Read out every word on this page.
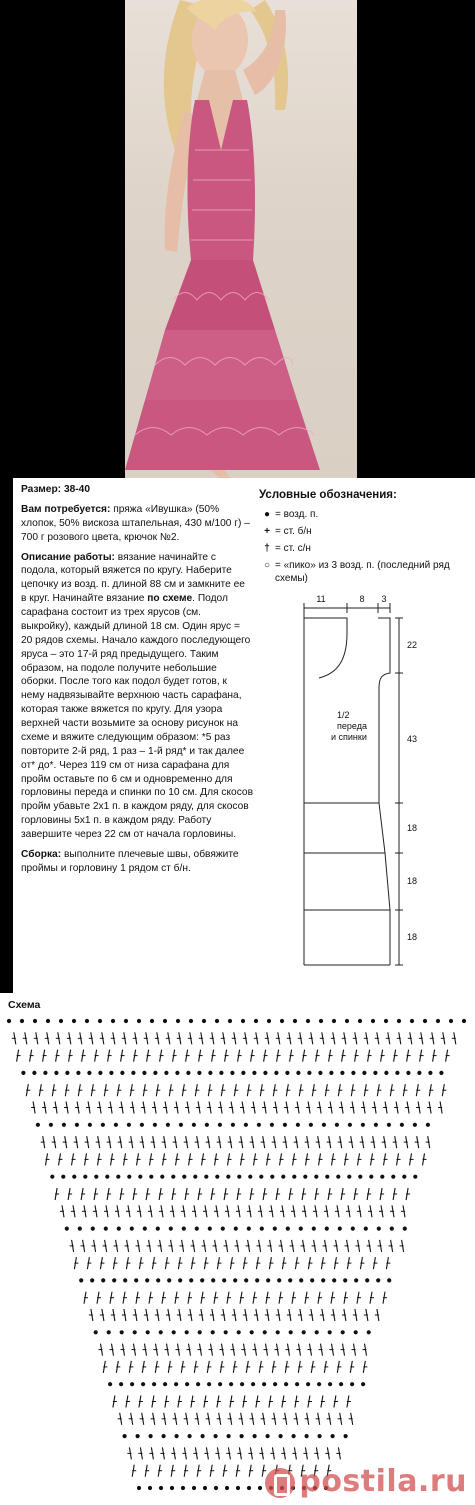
Размер: 38-40

Вам потребуется: пряжа «Ивушка» (50% хлопок, 50% вискоза штапельная, 430 м/100 г) – 700 г розового цвета, крючок №2.

Описание работы: вязание начинайте с подола, который вяжется по кругу. Наберите цепочку из возд. п. длиной 88 см и замкните ее в круг. Начинайте вязание по схеме. Подол сарафана состоит из трех ярусов (см. выкройку), каждый длиной 18 см. Один ярус = 20 рядов схемы. Начало каждого последующего яруса – это 17-й ряд предыдущего. Таким образом, на подоле получите небольшие оборки. После того как подол будет готов, к нему надвязывайте верхнюю часть сарафана, которая также вяжется по кругу. Для узора верхней части возьмите за основу рисунок на схеме и вяжите следующим образом: *5 раз повторите 2-й ряд, 1 раз – 1-й ряд* и так далее от* до*. Через 119 см от низа сарафана для пройм оставьте по 6 см и одновременно для горловины переда и спинки по 10 см. Для скосов пройм убавьте 2х1 п. в каждом ряду, для скосов горловины 5х1 п. в каждом ряду. Работу завершите через 22 см от начала горловины.

Сборка: выполните плечевые швы, обвяжите проймы и горловину 1 рядом ст б/н.

Условные обозначения:
● = возд. п.
+ = ст. б/н
† = ст. с/н
○ = «пико» из 3 возд. п. (последний ряд схемы)
11	8 3
22
43
18
18
18
1/2
переда
и спинки
Схема
postila.ru
